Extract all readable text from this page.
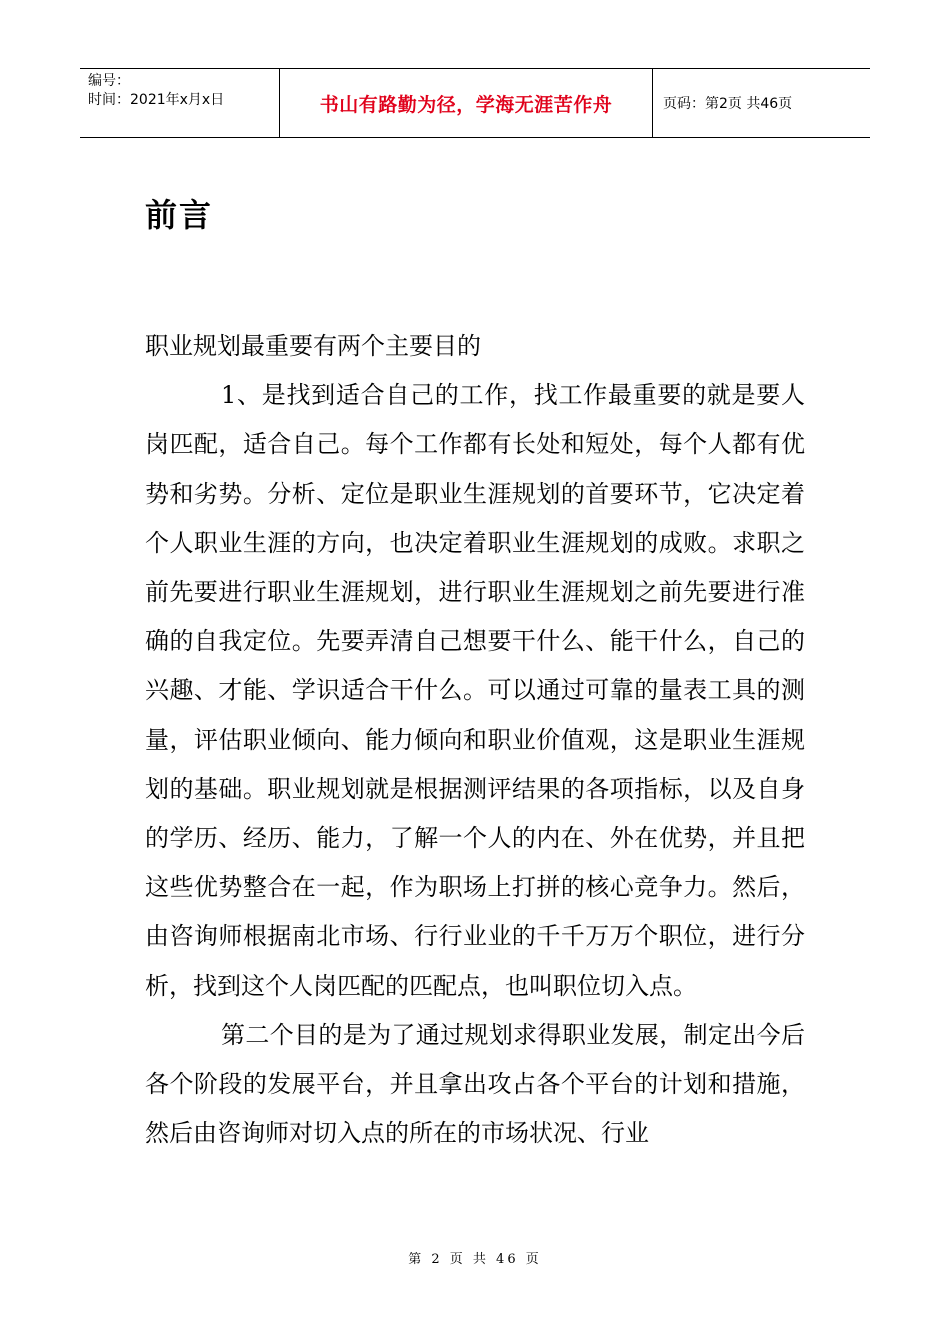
编号：
时间：2021年x月x日	书山有路勤为径，学海无涯苦作舟	页码：第2页 共46页
前言

职业规划最重要有两个主要目的

1、是找到适合自己的工作，找工作最重要的就是要人岗匹配，适合自己。每个工作都有长处和短处，每个人都有优势和劣势。分析、定位是职业生涯规划的首要环节，它决定着个人职业生涯的方向，也决定着职业生涯规划的成败。求职之前先要进行职业生涯规划，进行职业生涯规划之前先要进行准确的自我定位。先要弄清自己想要干什么、能干什么，自己的兴趣、才能、学识适合干什么。可以通过可靠的量表工具的测量，评估职业倾向、能力倾向和职业价值观，这是职业生涯规划的基础。职业规划就是根据测评结果的各项指标，以及自身的学历、经历、能力，了解一个人的内在、外在优势，并且把这些优势整合在一起，作为职场上打拼的核心竞争力。然后，由咨询师根据南北市场、行行业业的千千万万个职位，进行分析，找到这个人岗匹配的匹配点，也叫职位切入点。

第二个目的是为了通过规划求得职业发展，制定出今后各个阶段的发展平台，并且拿出攻占各个平台的计划和措施，然后由咨询师对切入点的所在的市场状况、行业

第 2 页 共 46 页
